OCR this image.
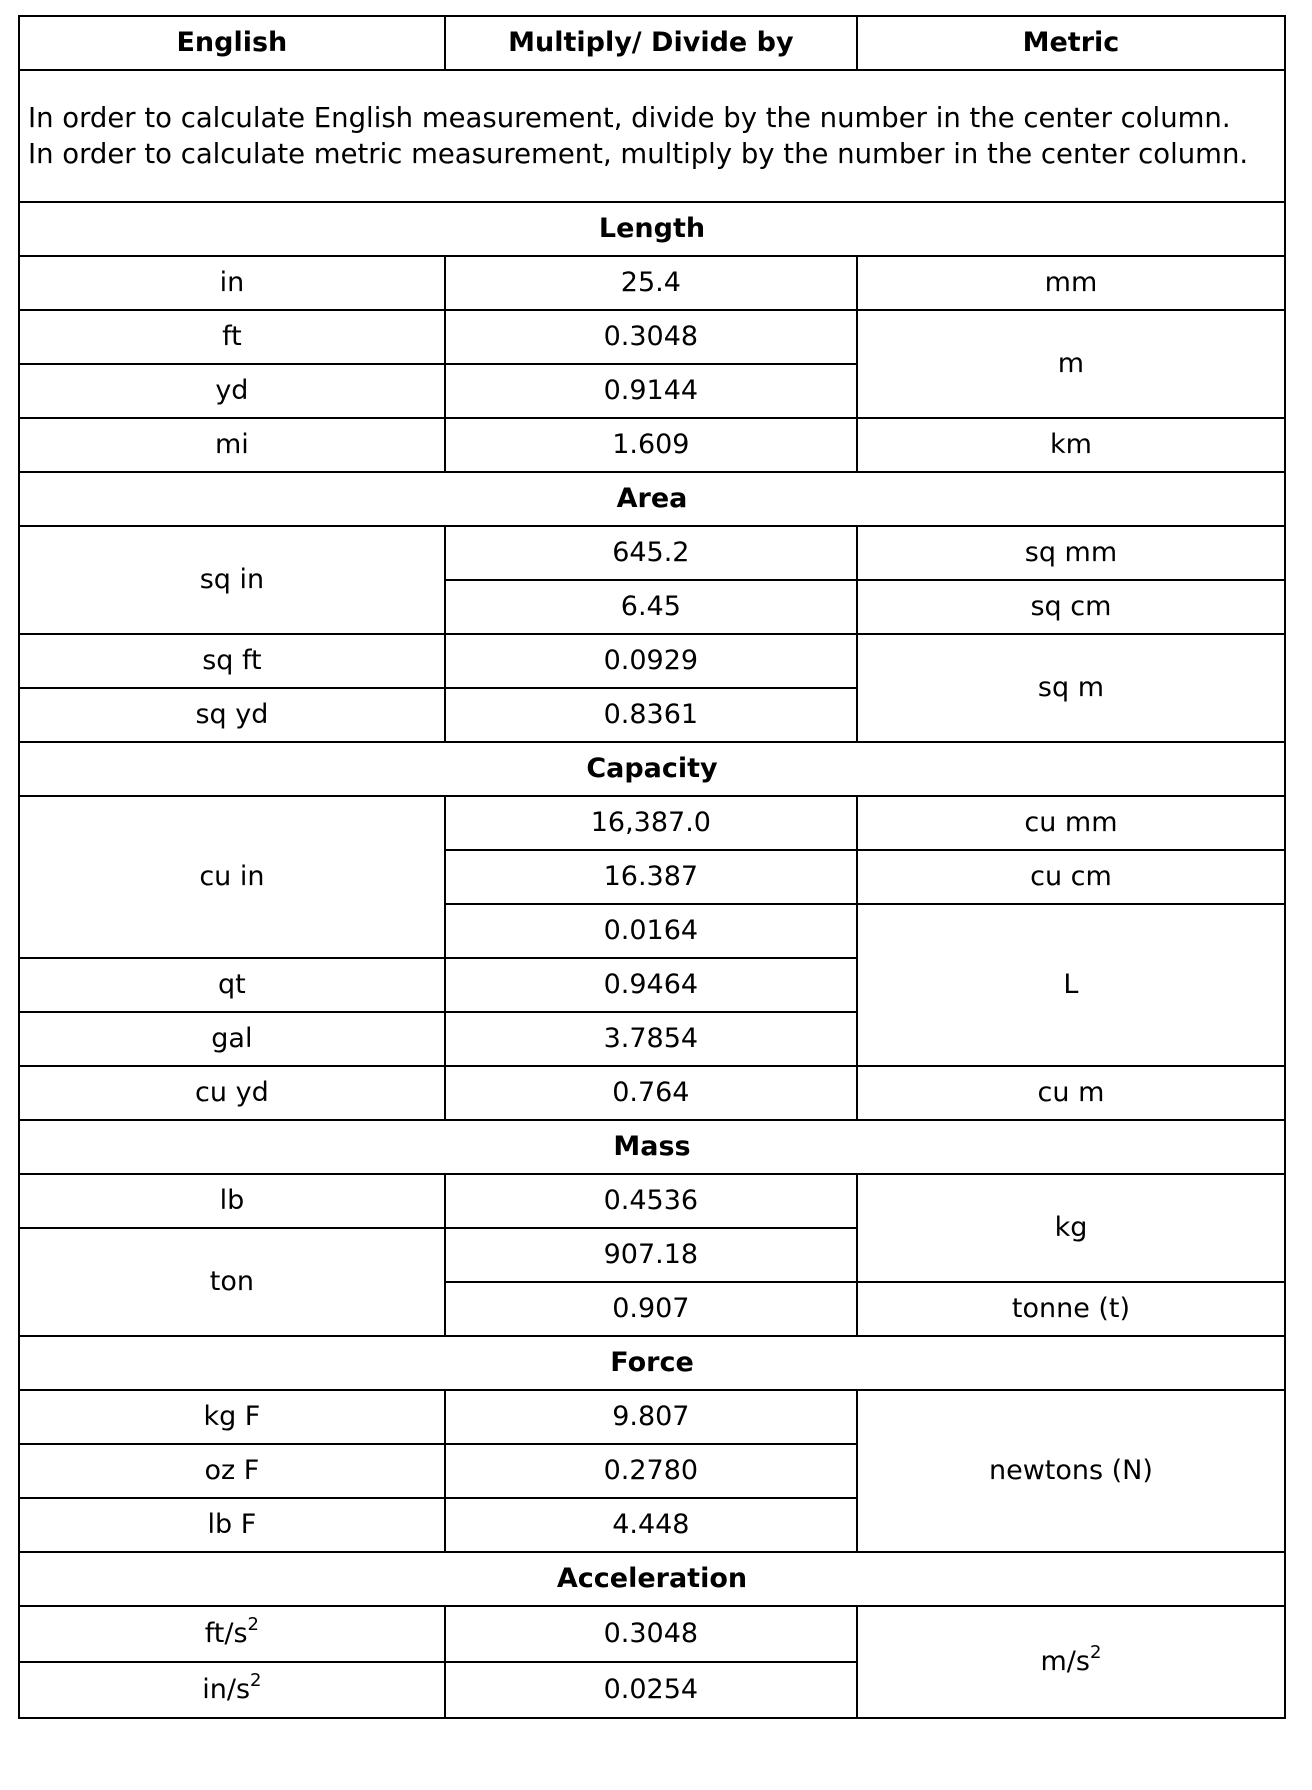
English	Multiply/ Divide by	Metric

In order to calculate English measurement, divide by the number in the center column.
In order to calculate metric measurement, multiply by the number in the center column.		

Length		
in	25.4	mm
ft	0.3048	m
yd	0.9144	
mi	1.609	km
Area		
sq in	645.2	sq mm
	6.45	sq cm
sq ft	0.0929	sq m
sq yd	0.8361	
Capacity		
cu in	16,387.0	cu mm
	16.387	cu cm
	0.0164	L
qt	0.9464	
gal	3.7854	
cu yd	0.764	cu m
Mass		
lb	0.4536	kg
ton	907.18	
	0.907	tonne (t)
Force		
kg F	9.807	newtons (N)
oz F	0.2780	
lb F	4.448	
Acceleration		
$ft/s^2$	0.3048	$m/s^2$
$in/s^2$	0.0254	
